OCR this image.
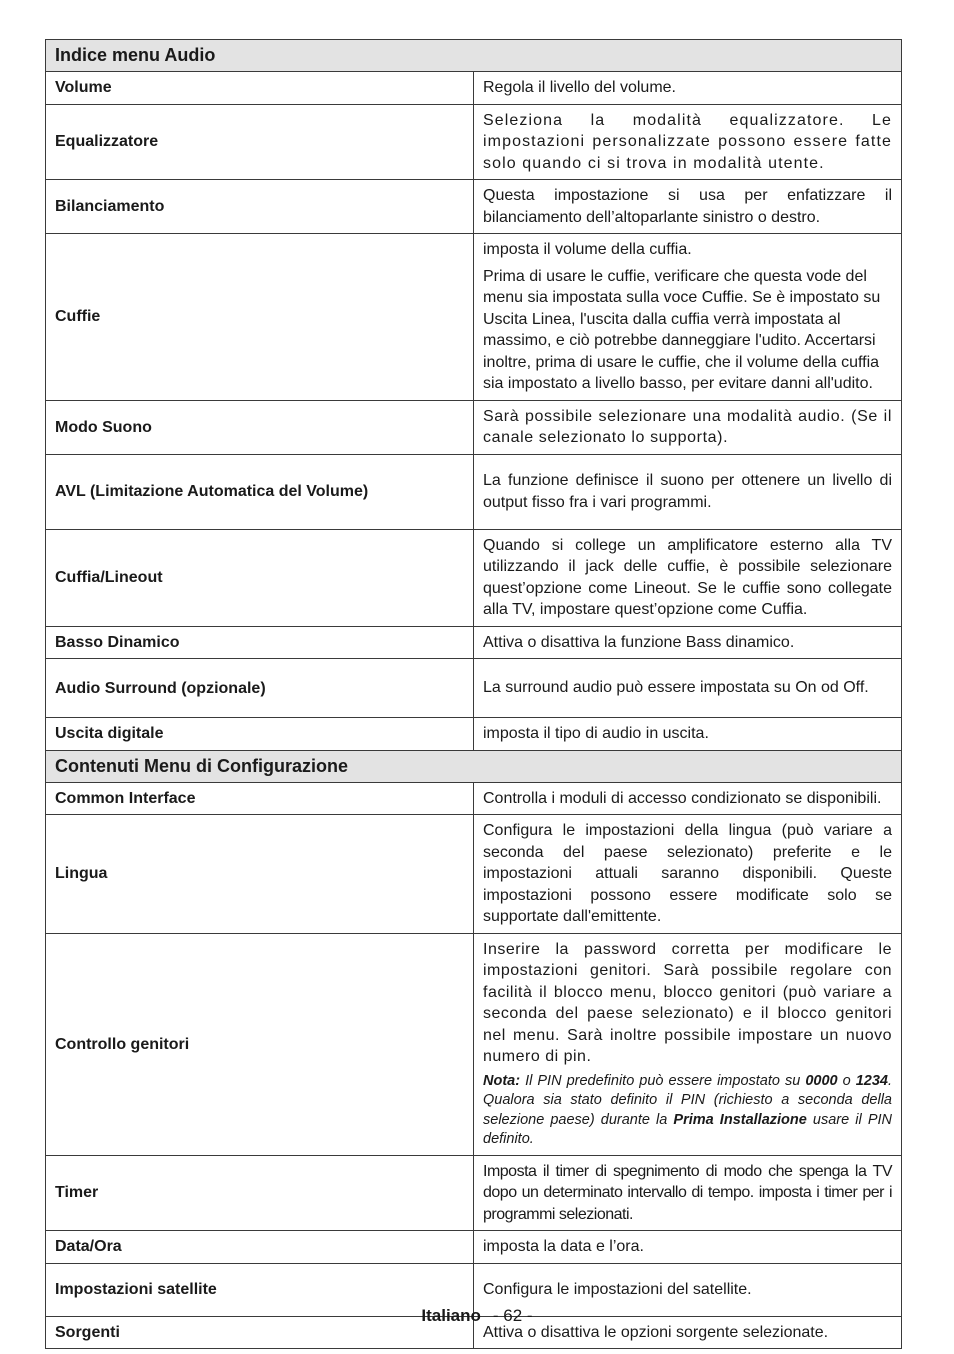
Indice menu Audio	
Volume	Regola il livello del volume.
Equalizzatore	Seleziona la modalità equalizzatore. Le impostazioni personalizzate possono essere fatte solo quando ci si trova in modalità utente.
Bilanciamento	Questa impostazione si usa per enfatizzare il bilanciamento dell’altoparlante sinistro o destro.
Cuffie	imposta il volume della cuffia.

Prima di usare le cuffie, verificare che questa vode del menu sia impostata sulla voce Cuffie. Se è impostato su Uscita Linea, l'uscita dalla cuffia verrà impostata al massimo, e ciò potrebbe danneggiare l'udito. Accertarsi inoltre, prima di usare le cuffie, che il volume della cuffia sia impostato a livello basso, per evitare danni all'udito.

Modo Suono	Sarà possibile selezionare una modalità audio. (Se il canale selezionato lo supporta).
AVL (Limitazione Automatica del Volume)	La funzione definisce il suono per ottenere un livello di output fisso fra i vari programmi.
Cuffia/Lineout	Quando si college un amplificatore esterno alla TV utilizzando il jack delle cuffie, è possibile selezionare quest’opzione come Lineout. Se le cuffie sono collegate alla TV, impostare quest’opzione come Cuffia.
Basso Dinamico	Attiva o disattiva la funzione Bass dinamico.
Audio Surround (opzionale)	La surround audio può essere impostata su On od Off.
Uscita digitale	imposta il tipo di audio in uscita.
Contenuti Menu di Configurazione	
Common Interface	Controlla i moduli di accesso condizionato se disponibili.
Lingua	Configura le impostazioni della lingua (può variare a seconda del paese selezionato) preferite e le impostazioni attuali saranno disponibili. Queste impostazioni possono essere modificate solo se supportate dall'emittente.
Controllo genitori	Inserire la password corretta per modificare le impostazioni genitori. Sarà possibile regolare con facilità il blocco menu, blocco genitori (può variare a seconda del paese selezionato) e il blocco genitori nel menu. Sarà inoltre possibile impostare un nuovo numero di pin.

Nota: Il PIN predefinito può essere impostato su 0000 o 1234. Qualora sia stato definito il PIN (richiesto a seconda della selezione paese) durante la Prima Installazione usare il PIN definito.

Timer	Imposta il timer di spegnimento di modo che spenga la TV dopo un determinato intervallo di tempo. imposta i timer per i programmi selezionati.
Data/Ora	imposta la data e l’ora.
Impostazioni satellite	Configura le impostazioni del satellite.
Sorgenti	Attiva o disattiva le opzioni sorgente selezionate.
Italiano - 62 -
